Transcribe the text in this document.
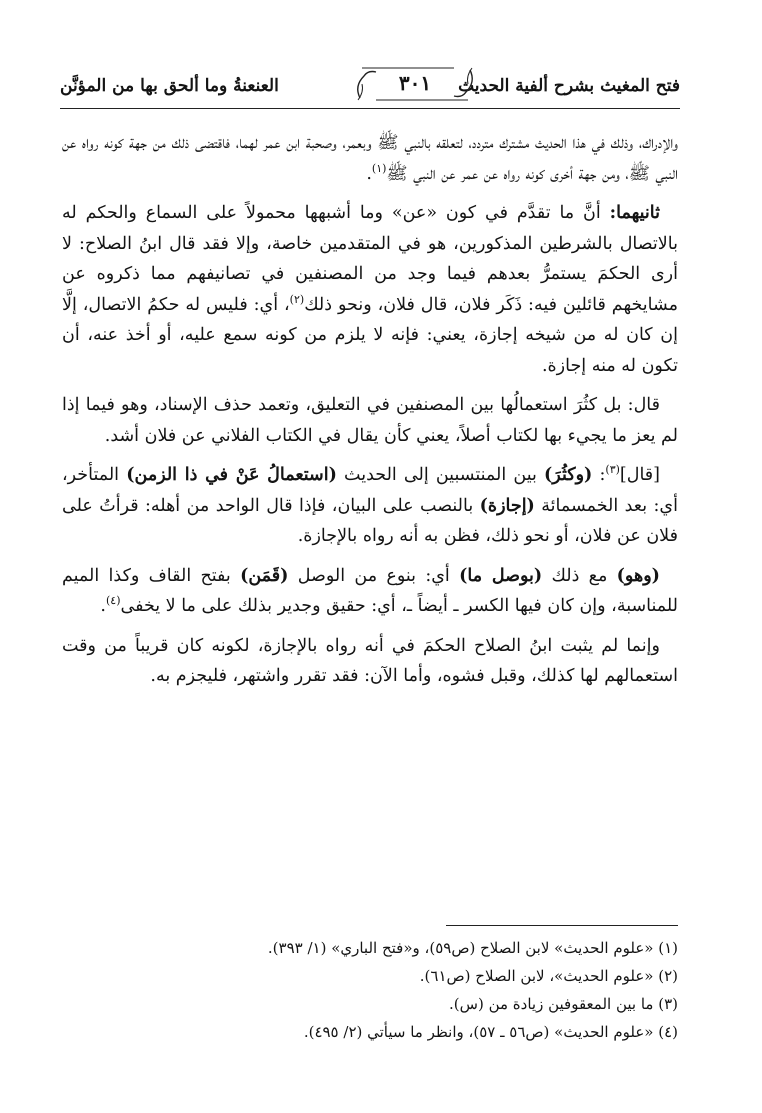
فتح المغيث بشرح ألفية الحديث
٣٠١
العنعنةُ وما ألحق بها من المؤنَّن

والإدراك، وذلك في هذا الحديث مشترك متردد، لتعلقه بالنبي ﷺ وبعمر، وصحبة ابن عمر لهما، فاقتضى ذلك من جهة كونه رواه عن النبي ﷺ، ومن جهة أخرى كونه رواه عن عمر عن النبي ﷺ$^{(١)}$.

ثانيهما: أنَّ ما تقدَّم في كون «عن» وما أشبهها محمولاً على السماع والحكم له بالاتصال بالشرطين المذكورين، هو في المتقدمين خاصة، وإلا فقد قال ابنُ الصلاح: لا أرى الحكمَ يستمرُّ بعدهم فيما وجد من المصنفين في تصانيفهم مما ذكروه عن مشايخهم قائلين فيه: ذَكَر فلان، قال فلان، ونحو ذلك$^{(٢)}$، أي: فليس له حكمُ الاتصال، إلَّا إن كان له من شيخه إجازة، يعني: فإنه لا يلزم من كونه سمع عليه، أو أخذ عنه، أن تكون له منه إجازة.

قال: بل كثُرَ استعمالُها بين المصنفين في التعليق، وتعمد حذف الإسناد، وهو فيما إذا لم يعز ما يجيء بها لكتاب أصلاً، يعني كأن يقال في الكتاب الفلاني عن فلان أشد.

[قال]$^{(٣)}$: (وكثُرَ) بين المنتسبين إلى الحديث (استعمالُ عَنْ في ذا الزمن) المتأخر، أي: بعد الخمسمائة (إجازة) بالنصب على البيان، فإذا قال الواحد من أهله: قرأتُ على فلان عن فلان، أو نحو ذلك، فظن به أنه رواه بالإجازة.

(وهو) مع ذلك (بوصل ما) أي: بنوع من الوصل (قَمَن) بفتح القاف وكذا الميم للمناسبة، وإن كان فيها الكسر ـ أيضاً ـ، أي: حقيق وجدير بذلك على ما لا يخفى$^{(٤)}$.

وإنما لم يثبت ابنُ الصلاح الحكمَ في أنه رواه بالإجازة، لكونه كان قريباً من وقت استعمالهم لها كذلك، وقبل فشوه، وأما الآن: فقد تقرر واشتهر، فليجزم به.

(١) «علوم الحديث» لابن الصلاح (ص٥٩)، و«فتح الباري» (١/ ٣٩٣).
(٢) «علوم الحديث»، لابن الصلاح (ص٦١).
(٣) ما بين المعقوفين زيادة من (س).
(٤) «علوم الحديث» (ص٥٦ ـ ٥٧)، وانظر ما سيأتي (٢/ ٤٩٥).
